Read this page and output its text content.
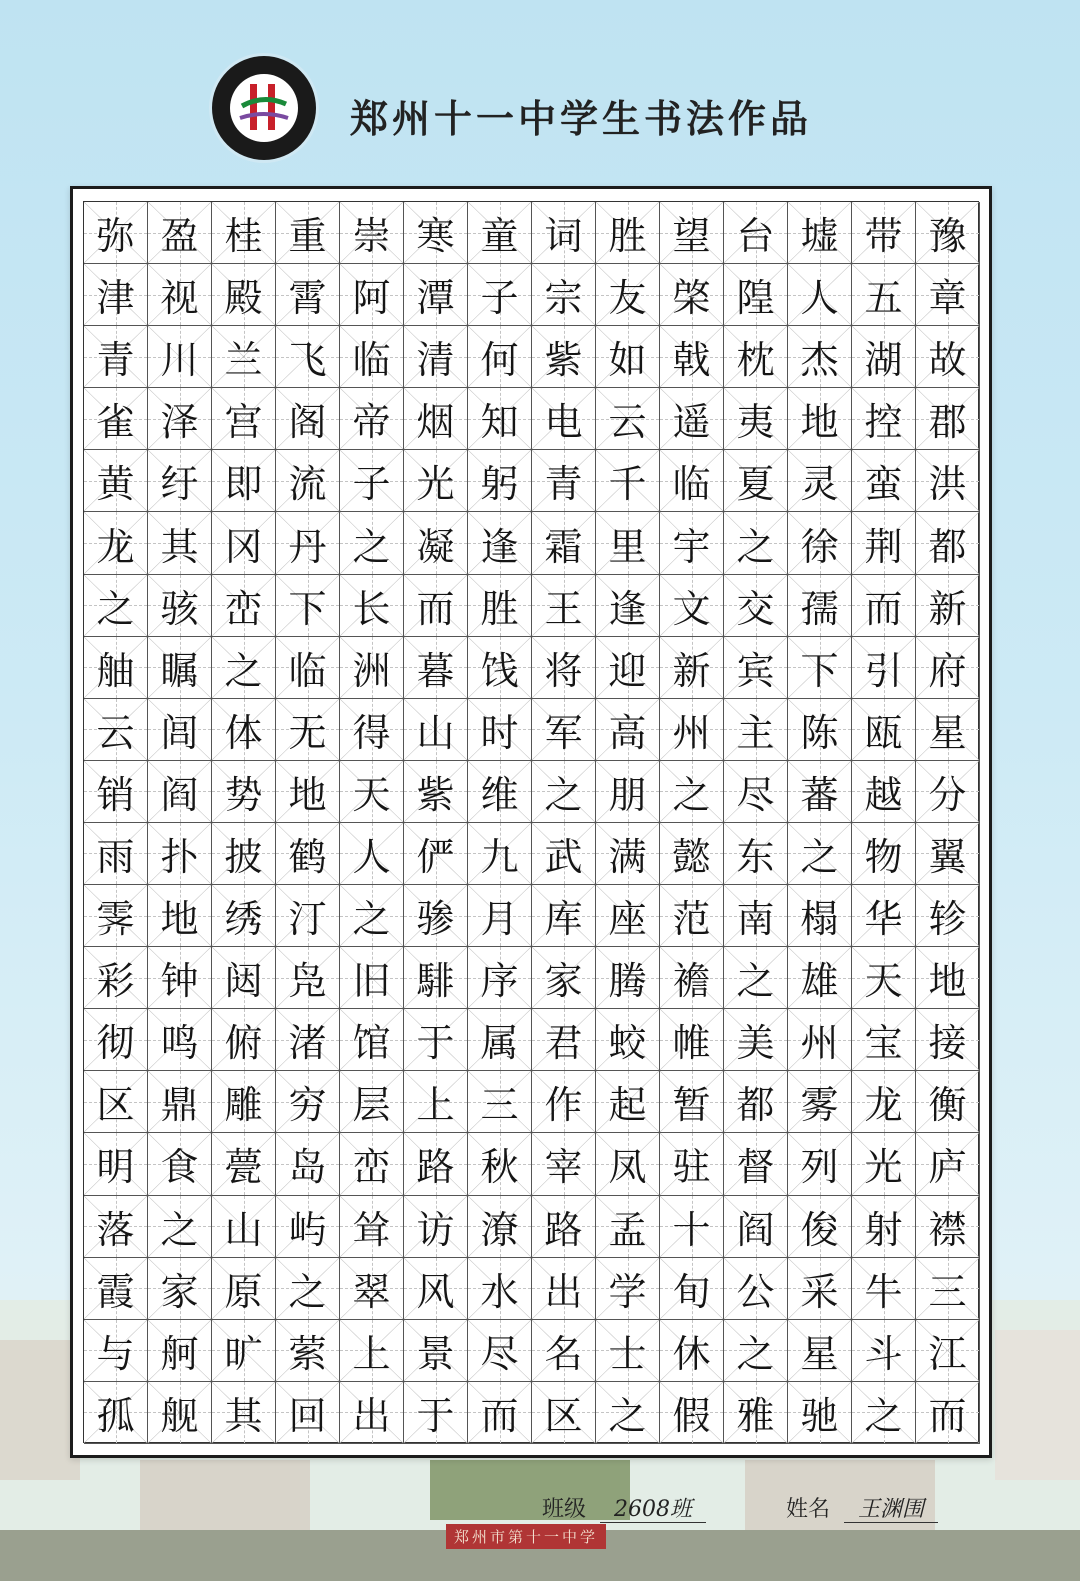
郑州十一中学生书法作品
弥 盈 桂 重 崇 寒 童 词 胜 望 台 墟 带 豫
津 视 殿 霄 阿 潭 子 宗 友 棨 隍 人 五 章
青 川 兰 飞 临 清 何 紫 如 戟 枕 杰 湖 故
雀 泽 宫 阁 帝 烟 知 电 云 遥 夷 地 控 郡
黄 纡 即 流 子 光 躬 青 千 临 夏 灵 蛮 洪
龙 其 冈 丹 之 凝 逢 霜 里 宇 之 徐 荆 都
之 骇 峦 下 长 而 胜 王 逢 文 交 孺 而 新
舳 瞩 之 临 洲 暮 饯 将 迎 新 宾 下 引 府
云 闾 体 无 得 山 时 军 高 州 主 陈 瓯 星
销 阎 势 地 天 紫 维 之 朋 之 尽 蕃 越 分
雨 扑 披 鹤 人 俨 九 武 满 懿 东 之 物 翼
霁 地 绣 汀 之 骖 月 库 座 范 南 榻 华 轸
彩 钟 闼 凫 旧 騑 序 家 腾 襜 之 雄 天 地
彻 鸣 俯 渚 馆 于 属 君 蛟 帷 美 州 宝 接
区 鼎 雕 穷 层 上 三 作 起 暂 都 雾 龙 衡
明 食 甍 岛 峦 路 秋 宰 凤 驻 督 列 光 庐
落 之 山 屿 耸 访 潦 路 孟 十 阎 俊 射 襟
霞 家 原 之 翠 风 水 出 学 旬 公 采 牛 三
与 舸 旷 萦 上 景 尽 名 士 休 之 星 斗 江
孤 舰 其 回 出 于 而 区 之 假 雅 驰 之 而
班级 2608班	姓名 王渊围
郑州市第十一中学
